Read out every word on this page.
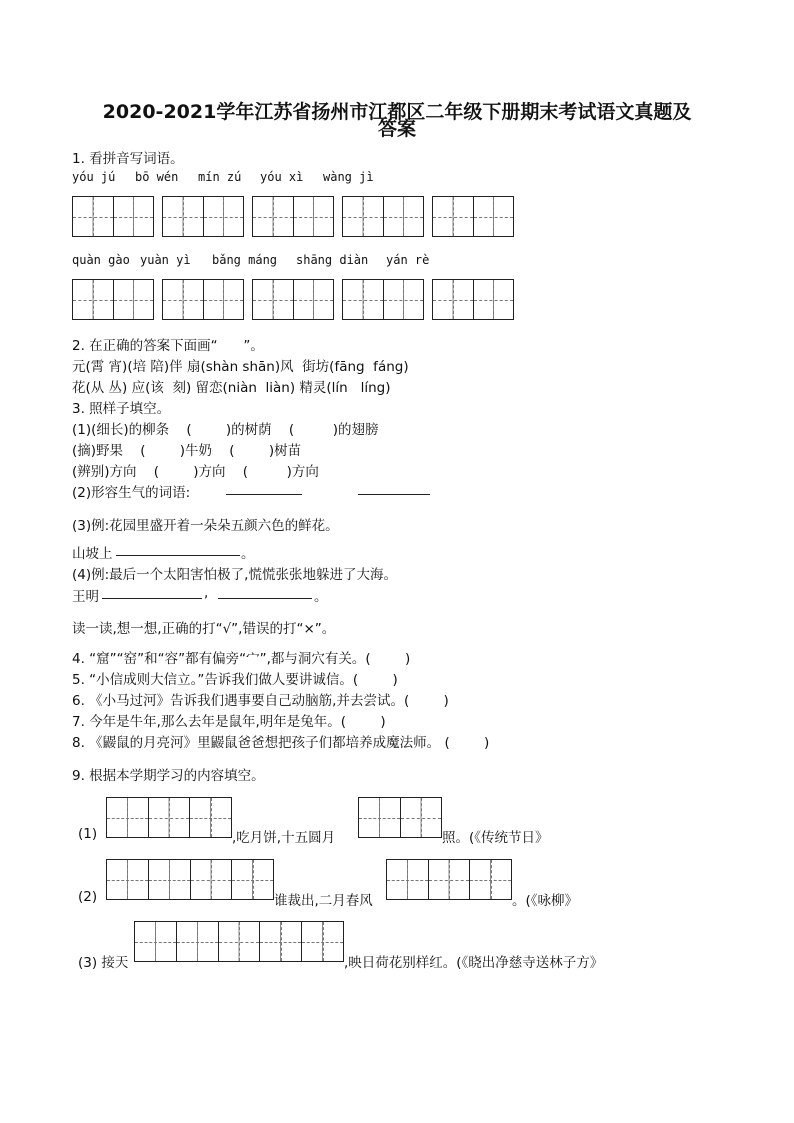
2020-2021学年江苏省扬州市江都区二年级下册期末考试语文真题及
答案
1. 看拼音写词语。
yóu jú bō wén mín zú yóu xì wàng jì
quàn gào yuàn yì bǎng máng shāng diàn yán rè
2. 在正确的答案下面画“      ”。
元(霄 宵)(培 陪)伴 扇(shàn shān)风  街坊(fāng  fáng)
花(从 丛) 应(该  刻) 留恋(niàn  liàn) 精灵(lín   líng)
3. 照样子填空。
(1)(细长)的柳条    (        )的树荫    (         )的翅膀
(摘)野果    (        )牛奶    (        )树苗
(辨别)方向    (        )方向    (         )方向
(2)形容生气的词语:
(3)例:花园里盛开着一朵朵五颜六色的鲜花。
山坡上	。
(4)例:最后一个太阳害怕极了,慌慌张张地躲进了大海。
王明	,	。
读一读,想一想,正确的打“√”,错误的打“×”。
4. “窟”“窑”和“容”都有偏旁“宀”,都与洞穴有关。(        )
5. “小信成则大信立。”告诉我们做人要讲诚信。(        )
6. 《小马过河》告诉我们遇事要自己动脑筋,并去尝试。(        )
7. 今年是牛年,那么去年是鼠年,明年是兔年。(        )
8. 《鼹鼠的月亮河》里鼹鼠爸爸想把孩子们都培养成魔法师。 (        )
9. 根据本学期学习的内容填空。
(1)	,吃月饼,十五圆月	照。(《传统节日》
(2)	谁裁出,二月春风	。(《咏柳》
(3) 接天	,映日荷花别样红。(《晓出净慈寺送林子方》
